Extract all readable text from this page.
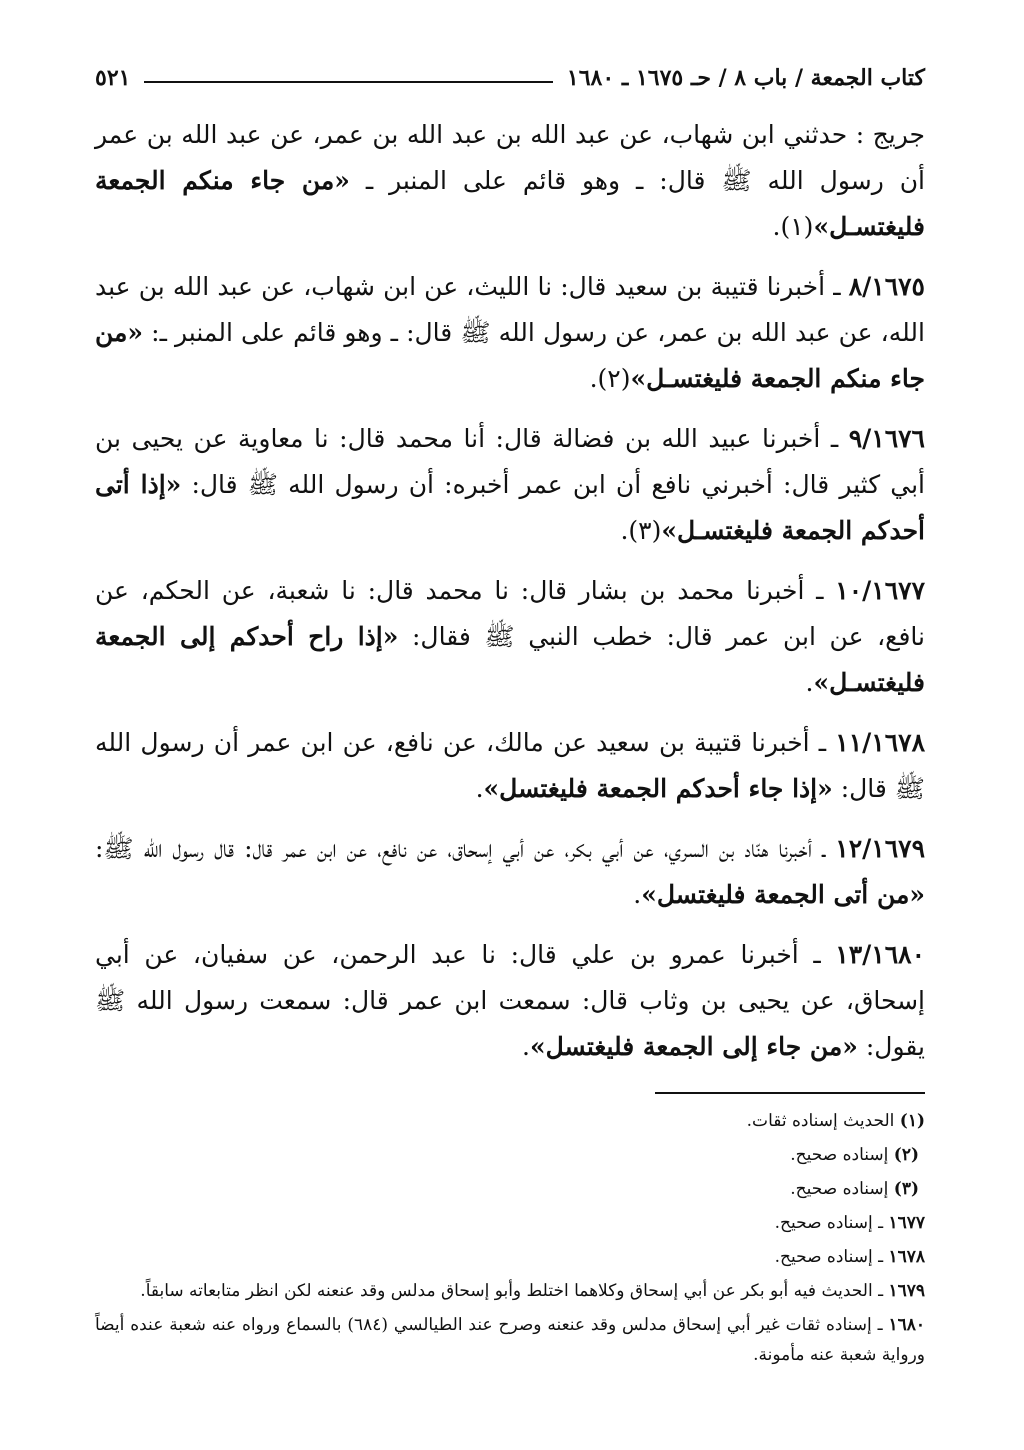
كتاب الجمعة / باب ٨ / حـ ١٦٧٥ ـ ١٦٨٠
٥٢١

جريج : حدثني ابن شهاب، عن عبد الله بن عبد الله بن عمر، عن عبد الله بن عمر أن رسول الله ﷺ قال: ـ وهو قائم على المنبر ـ «من جاء منكم الجمعة فليغتسـل»(١).

٨/١٦٧٥ ـ أخبرنا قتيبة بن سعيد قال: نا الليث، عن ابن شهاب، عن عبد الله بن عبد الله، عن عبد الله بن عمر، عن رسول الله ﷺ قال: ـ وهو قائم على المنبر ـ: «من جاء منكم الجمعة فليغتسـل»(٢).

٩/١٦٧٦ ـ أخبرنا عبيد الله بن فضالة قال: أنا محمد قال: نا معاوية عن يحيى بن أبي كثير قال: أخبرني نافع أن ابن عمر أخبره: أن رسول الله ﷺ قال: «إذا أتى أحدكم الجمعة فليغتسـل»(٣).

١٠/١٦٧٧ ـ أخبرنا محمد بن بشار قال: نا محمد قال: نا شعبة، عن الحكم، عن نافع، عن ابن عمر قال: خطب النبي ﷺ فقال: «إذا راح أحدكم إلى الجمعة فليغتسـل».

١١/١٦٧٨ ـ أخبرنا قتيبة بن سعيد عن مالك، عن نافع، عن ابن عمر أن رسول الله ﷺ قال: «إذا جاء أحدكم الجمعة فليغتسل».

١٢/١٦٧٩ ـ أخبرنا هنّاد بن السري، عن أبي بكر، عن أبي إسحاق، عن نافع، عن ابن عمر قال: قال رسول الله ﷺ: «من أتى الجمعة فليغتسل».

١٣/١٦٨٠ ـ أخبرنا عمرو بن علي قال: نا عبد الرحمن، عن سفيان، عن أبي إسحاق، عن يحيى بن وثاب قال: سمعت ابن عمر قال: سمعت رسول الله ﷺ يقول: «من جاء إلى الجمعة فليغتسل».

(١) الحديث إسناده ثقات.

(٢) إسناده صحيح.

(٣) إسناده صحيح.

١٦٧٧ ـ إسناده صحيح.

١٦٧٨ ـ إسناده صحيح.

١٦٧٩ ـ الحديث فيه أبو بكر عن أبي إسحاق وكلاهما اختلط وأبو إسحاق مدلس وقد عنعنه لكن انظر متابعاته سابقاً.

١٦٨٠ ـ إسناده ثقات غير أبي إسحاق مدلس وقد عنعنه وصرح عند الطيالسي (٦٨٤) بالسماع ورواه عنه شعبة عنده أيضاً ورواية شعبة عنه مأمونة.
